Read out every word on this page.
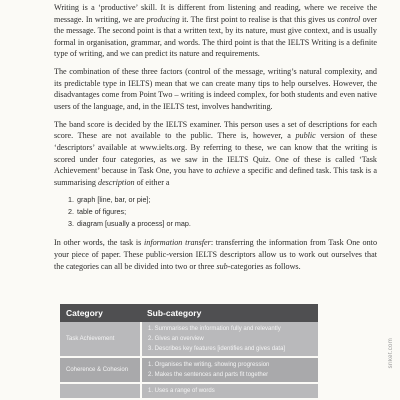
Writing is a ‘productive’ skill. It is different from listening and reading, where we receive the message. In writing, we are producing it. The first point to realise is that this gives us control over the message. The second point is that a written text, by its nature, must give context, and is usually formal in organisation, grammar, and words. The third point is that the IELTS Writing is a definite type of writing, and we can predict its nature and requirements.

The combination of these three factors (control of the message, writing’s natural complexity, and its predictable type in IELTS) mean that we can create many tips to help ourselves. However, the disadvantages come from Point Two – writing is indeed complex, for both students and even native users of the language, and, in the IELTS test, involves handwriting.

The band score is decided by the IELTS examiner. This person uses a set of descriptions for each score. These are not available to the public. There is, however, a public version of these ‘descriptors’ available at www.ielts.org. By referring to these, we can know that the writing is scored under four categories, as we saw in the IELTS Quiz. One of these is called ‘Task Achievement’ because in Task One, you have to achieve a specific and defined task. This task is a summarising description of either a

1. graph [line, bar, or pie];
2. table of figures;
3. diagram [usually a process] or map.

In other words, the task is information transfer: transferring the information from Task One onto your piece of paper. These public-version IELTS descriptors allow us to work out ourselves that the categories can all be divided into two or three sub-categories as follows.

Category	Sub-category
Task Achievement	1. Summarises the information fully and relevantly
2. Gives an overview
3. Describes key features [identifies and gives data]

Coherence & Cohesion	1. Organises the writing, showing progression
2. Makes the sentences and parts fit together

	1. Uses a range of words
sriket.com
